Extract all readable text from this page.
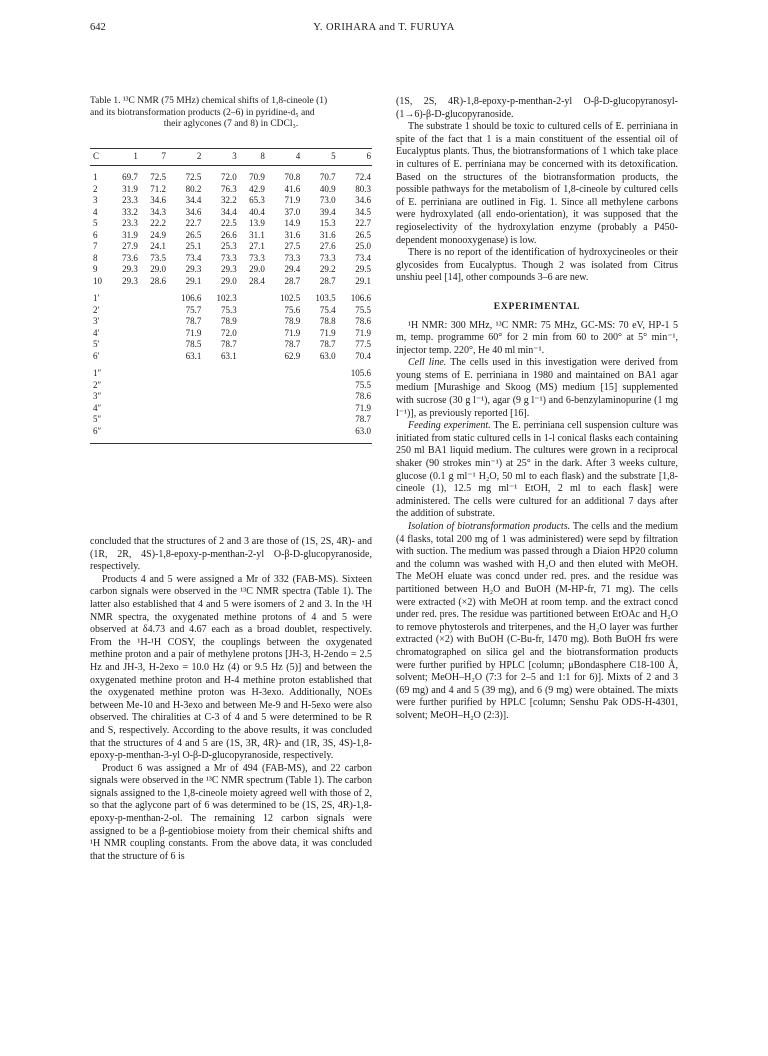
642	Y. ORIHARA and T. FURUYA
Table 1. ¹³C NMR (75 MHz) chemical shifts of 1,8-cineole (1)
and its biotransformation products (2–6) in pyridine-d₅ and
their aglycones (7 and 8) in CDCl₃.
C	1	7	2	3	8	4	5	6

1	69.7	72.5	72.5	72.0	70.9	70.8	70.7	72.4
2	31.9	71.2	80.2	76.3	42.9	41.6	40.9	80.3
3	23.3	34.6	34.4	32.2	65.3	71.9	73.0	34.6
4	33.2	34.3	34.6	34.4	40.4	37.0	39.4	34.5
5	23.3	22.2	22.7	22.5	13.9	14.9	15.3	22.7
6	31.9	24.9	26.5	26.6	31.1	31.6	31.6	26.5
7	27.9	24.1	25.1	25.3	27.1	27.5	27.6	25.0
8	73.6	73.5	73.4	73.3	73.3	73.3	73.3	73.4
9	29.3	29.0	29.3	29.3	29.0	29.4	29.2	29.5
10	29.3	28.6	29.1	29.0	28.4	28.7	28.7	29.1

1′			106.6	102.3		102.5	103.5	106.6
2′			75.7	75.3		75.6	75.4	75.5
3′			78.7	78.9		78.9	78.8	78.6
4′			71.9	72.0		71.9	71.9	71.9
5′			78.5	78.7		78.7	78.7	77.5
6′			63.1	63.1		62.9	63.0	70.4

1″								105.6
2″								75.5
3″								78.6
4″								71.9
5″								78.7
6″								63.0

concluded that the structures of 2 and 3 are those of (1S, 2S, 4R)- and (1R, 2R, 4S)-1,8-epoxy-p-menthan-2-yl O-β-D-glucopyranoside, respectively.

Products 4 and 5 were assigned a Mr of 332 (FAB-MS). Sixteen carbon signals were observed in the ¹³C NMR spectra (Table 1). The latter also established that 4 and 5 were isomers of 2 and 3. In the ¹H NMR spectra, the oxygenated methine protons of 4 and 5 were observed at δ4.73 and 4.67 each as a broad doublet, respectively. From the ¹H-¹H COSY, the couplings between the oxygenated methine proton and a pair of methylene protons [JH-3, H-2endo = 2.5 Hz and JH-3, H-2exo = 10.0 Hz (4) or 9.5 Hz (5)] and between the oxygenated methine proton and H-4 methine proton established that the oxygenated methine proton was H-3exo. Additionally, NOEs between Me-10 and H-3exo and between Me-9 and H-5exo were also observed. The chiralities at C-3 of 4 and 5 were determined to be R and S, respectively. According to the above results, it was concluded that the structures of 4 and 5 are (1S, 3R, 4R)- and (1R, 3S, 4S)-1,8-epoxy-p-menthan-3-yl O-β-D-glucopyranoside, respectively.

Product 6 was assigned a Mr of 494 (FAB-MS), and 22 carbon signals were observed in the ¹³C NMR spectrum (Table 1). The carbon signals assigned to the 1,8-cineole moiety agreed well with those of 2, so that the aglycone part of 6 was determined to be (1S, 2S, 4R)-1,8-epoxy-p-menthan-2-ol. The remaining 12 carbon signals were assigned to be a β-gentiobiose moiety from their chemical shifts and ¹H NMR coupling constants. From the above data, it was concluded that the structure of 6 is

(1S, 2S, 4R)-1,8-epoxy-p-menthan-2-yl O-β-D-glucopyranosyl-(1→6)-β-D-glucopyranoside.

The substrate 1 should be toxic to cultured cells of E. perriniana in spite of the fact that 1 is a main constituent of the essential oil of Eucalyptus plants. Thus, the biotransformations of 1 which take place in cultures of E. perriniana may be concerned with its detoxification. Based on the structures of the biotransformation products, the possible pathways for the metabolism of 1,8-cineole by cultured cells of E. perriniana are outlined in Fig. 1. Since all methylene carbons were hydroxylated (all endo-orientation), it was supposed that the regioselectivity of the hydroxylation enzyme (probably a P450-dependent monooxygenase) is low.

There is no report of the identification of hydroxycineoles or their glycosides from Eucalyptus. Though 2 was isolated from Citrus unshiu peel [14], other compounds 3–6 are new.

EXPERIMENTAL

¹H NMR: 300 MHz, ¹³C NMR: 75 MHz, GC-MS: 70 eV, HP-1 5 m, temp. programme 60° for 2 min from 60 to 200° at 5° min⁻¹, injector temp. 220°, He 40 ml min⁻¹.

Cell line. The cells used in this investigation were derived from young stems of E. perriniana in 1980 and maintained on BA1 agar medium [Murashige and Skoog (MS) medium [15] supplemented with sucrose (30 g l⁻¹), agar (9 g l⁻¹) and 6-benzylaminopurine (1 mg l⁻¹)], as previously reported [16].

Feeding experiment. The E. perriniana cell suspension culture was initiated from static cultured cells in 1-l conical flasks each containing 250 ml BA1 liquid medium. The cultures were grown in a reciprocal shaker (90 strokes min⁻¹) at 25° in the dark. After 3 weeks culture, glucose (0.1 g ml⁻¹ H₂O, 50 ml to each flask) and the substrate [1,8-cineole (1), 12.5 mg ml⁻¹ EtOH, 2 ml to each flask] were administered. The cells were cultured for an additional 7 days after the addition of substrate.

Isolation of biotransformation products. The cells and the medium (4 flasks, total 200 mg of 1 was administered) were sepd by filtration with suction. The medium was passed through a Diaion HP20 column and the column was washed with H₂O and then eluted with MeOH. The MeOH eluate was concd under red. pres. and the residue was partitioned between H₂O and BuOH (M-HP-fr, 71 mg). The cells were extracted (×2) with MeOH at room temp. and the extract concd under red. pres. The residue was partitioned between EtOAc and H₂O to remove phytosterols and triterpenes, and the H₂O layer was further extracted (×2) with BuOH (C-Bu-fr, 1470 mg). Both BuOH frs were chromatographed on silica gel and the biotransformation products were further purified by HPLC [column; μBondasphere C18-100 Å, solvent; MeOH–H₂O (7:3 for 2–5 and 1:1 for 6)]. Mixts of 2 and 3 (69 mg) and 4 and 5 (39 mg), and 6 (9 mg) were obtained. The mixts were further purified by HPLC [column; Senshu Pak ODS-H-4301, solvent; MeOH–H₂O (2:3)].
